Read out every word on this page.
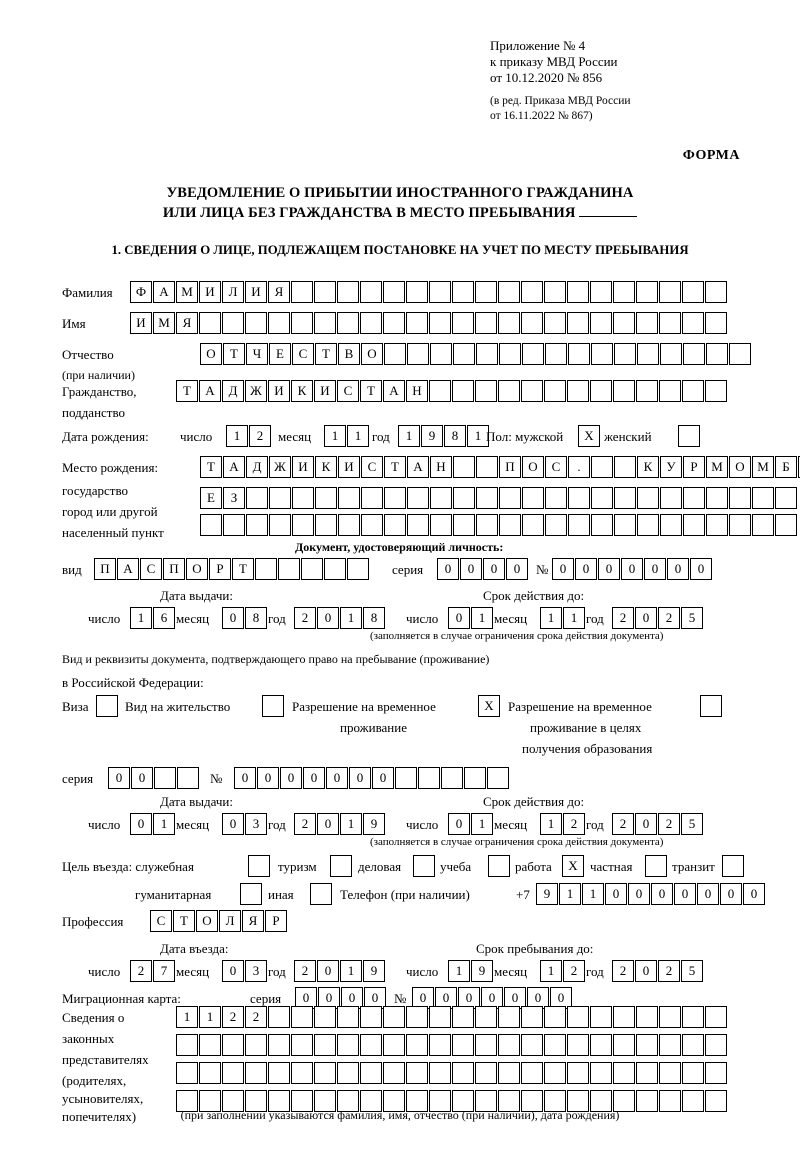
Приложение № 4
к приказу МВД России
от 10.12.2020 № 856
(в ред. Приказа МВД России
от 16.11.2022 № 867)
ФОРМА
УВЕДОМЛЕНИЕ О ПРИБЫТИИ ИНОСТРАННОГО ГРАЖДАНИНА
ИЛИ ЛИЦА БЕЗ ГРАЖДАНСТВА В МЕСТО ПРЕБЫВАНИЯ
1. СВЕДЕНИЯ О ЛИЦЕ, ПОДЛЕЖАЩЕМ ПОСТАНОВКЕ НА УЧЕТ ПО МЕСТУ ПРЕБЫВАНИЯ
Фамилия	Ф	А М И	Л	И	Я
Имя	И М Я
Отчество
(при наличии)
О	Т	Ч	Е	С	Т	В	О
Гражданство,
подданство
Т	А	Д Ж И	К	И	С	Т	А	Н
Дата рождения: число	1	2	месяц	1	1 год	1	9	8	1 Пол: мужской	Х женский
Место рождения:
государство
город или другой
населенный пункт
Т	А	Д Ж И	К	И	С	Т	А	Н	П	О	С	.	К	У	Р	М О М	Б
Е	З
Документ, удостоверяющий личность:
вид	П	А	С	П	О	Р	Т	серия	0	0	0	0	№ 0	0	0	0	0	0	0
Дата выдачи:	Срок действия до:
число	1	6 месяц	0	8 год	2	0	1	8	число	0	1 месяц	1	1 год	2	0	2	5
(заполняется в случае ограничения срока действия документа)
Вид и реквизиты документа, подтверждающего право на пребывание (проживание)
в Российской Федерации:
Виза	Вид на жительство	Разрешение на временное
проживание
Х	Разрешение на временное
проживание в целях
получения образования
серия	0	0	№	0	0	0	0	0	0	0
Дата выдачи:	Срок действия до:
число	0	1 месяц	0	3 год	2	0	1	9	число	0	1 месяц	1	2 год	2	0	2	5
(заполняется в случае ограничения срока действия документа)
Цель въезда: служебная	туризм	деловая	учеба	работа	Х частная	транзит
гуманитарная	иная	Телефон (при наличии)	+7	9	1	1	0	0	0	0	0	0	0
Профессия	С	Т	О	Л	Я	Р
Дата въезда:	Срок пребывания до:
число	2	7 месяц	0	3 год	2	0	1	9	число	1	9 месяц	1	2 год	2	0	2	5
Миграционная карта:	серия	0	0	0	0	№	0	0	0	0	0	0	0
Сведения о
законных
представителях
(родителях,
усыновителях,
попечителях)
1	1	2	2
(при заполнении указываются фамилия, имя, отчество (при наличии), дата рождения)
